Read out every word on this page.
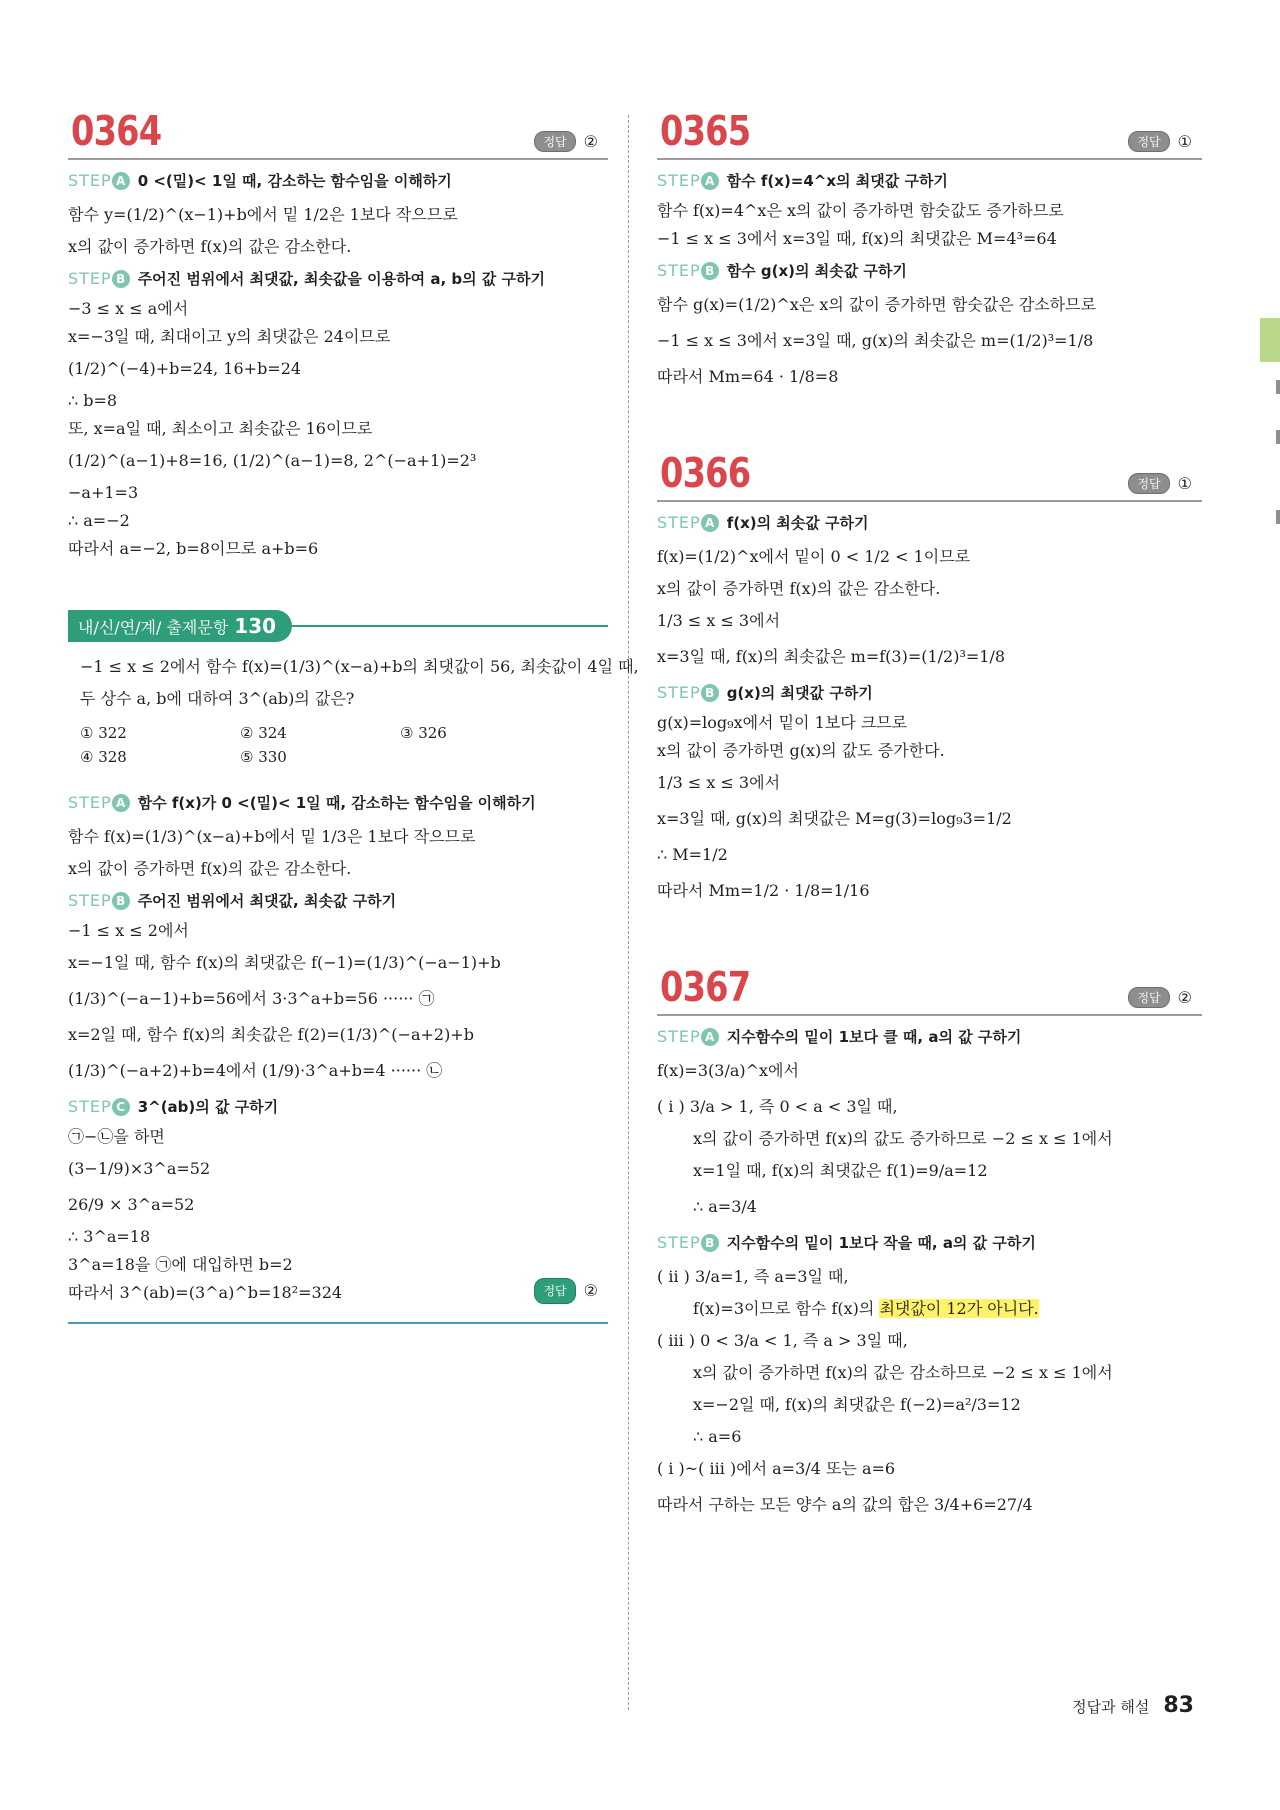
0364	정답	②
STEP A 0 <(밑)< 1일 때, 감소하는 함수임을 이해하기
함수 y=(1/2)^(x−1)+b에서 밑 1/2은 1보다 작으므로
x의 값이 증가하면 f(x)의 값은 감소한다.
STEP B 주어진 범위에서 최댓값, 최솟값을 이용하여 a, b의 값 구하기
−3 ≤ x ≤ a에서
x=−3일 때, 최대이고 y의 최댓값은 24이므로
(1/2)^(−4)+b=24, 16+b=24
∴ b=8
또, x=a일 때, 최소이고 최솟값은 16이므로
(1/2)^(a−1)+8=16, (1/2)^(a−1)=8, 2^(−a+1)=2³
−a+1=3
∴ a=−2
따라서 a=−2, b=8이므로 a+b=6
내/신/연/계/ 출제문항 130
−1 ≤ x ≤ 2에서 함수 f(x)=(1/3)^(x−a)+b의 최댓값이 56, 최솟값이 4일 때,
두 상수 a, b에 대하여 3^(ab)의 값은?
① 322	② 324	③ 326
④ 328	⑤ 330
STEP A 함수 f(x)가 0 <(밑)< 1일 때, 감소하는 함수임을 이해하기
함수 f(x)=(1/3)^(x−a)+b에서 밑 1/3은 1보다 작으므로
x의 값이 증가하면 f(x)의 값은 감소한다.
STEP B 주어진 범위에서 최댓값, 최솟값 구하기
−1 ≤ x ≤ 2에서
x=−1일 때, 함수 f(x)의 최댓값은 f(−1)=(1/3)^(−a−1)+b
(1/3)^(−a−1)+b=56에서 3·3^a+b=56 ······ ㉠
x=2일 때, 함수 f(x)의 최솟값은 f(2)=(1/3)^(−a+2)+b
(1/3)^(−a+2)+b=4에서 (1/9)·3^a+b=4 ······ ㉡
STEP C 3^(ab)의 값 구하기
㉠−㉡을 하면
(3−1/9)×3^a=52
26/9 × 3^a=52
∴ 3^a=18
3^a=18을 ㉠에 대입하면 b=2
따라서 3^(ab)=(3^a)^b=18²=324	정답	②
0365	정답	①
STEP A 함수 f(x)=4^x의 최댓값 구하기
함수 f(x)=4^x은 x의 값이 증가하면 함숫값도 증가하므로
−1 ≤ x ≤ 3에서 x=3일 때, f(x)의 최댓값은 M=4³=64
STEP B 함수 g(x)의 최솟값 구하기
함수 g(x)=(1/2)^x은 x의 값이 증가하면 함숫값은 감소하므로
−1 ≤ x ≤ 3에서 x=3일 때, g(x)의 최솟값은 m=(1/2)³=1/8
따라서 Mm=64 · 1/8=8
0366	정답	①
STEP A f(x)의 최솟값 구하기
f(x)=(1/2)^x에서 밑이 0 < 1/2 < 1이므로
x의 값이 증가하면 f(x)의 값은 감소한다.
1/3 ≤ x ≤ 3에서
x=3일 때, f(x)의 최솟값은 m=f(3)=(1/2)³=1/8
STEP B g(x)의 최댓값 구하기
g(x)=log₉x에서 밑이 1보다 크므로
x의 값이 증가하면 g(x)의 값도 증가한다.
1/3 ≤ x ≤ 3에서
x=3일 때, g(x)의 최댓값은 M=g(3)=log₉3=1/2
∴ M=1/2
따라서 Mm=1/2 · 1/8=1/16
0367	정답	②
STEP A 지수함수의 밑이 1보다 클 때, a의 값 구하기
f(x)=3(3/a)^x에서
( i ) 3/a > 1, 즉 0 < a < 3일 때,
x의 값이 증가하면 f(x)의 값도 증가하므로 −2 ≤ x ≤ 1에서
x=1일 때, f(x)의 최댓값은 f(1)=9/a=12
∴ a=3/4
STEP B 지수함수의 밑이 1보다 작을 때, a의 값 구하기
( ii ) 3/a=1, 즉 a=3일 때,
f(x)=3이므로 함수 f(x)의 최댓값이 12가 아니다.
( iii ) 0 < 3/a < 1, 즉 a > 3일 때,
x의 값이 증가하면 f(x)의 값은 감소하므로 −2 ≤ x ≤ 1에서
x=−2일 때, f(x)의 최댓값은 f(−2)=a²/3=12
∴ a=6
( i )~( iii )에서 a=3/4 또는 a=6
따라서 구하는 모든 양수 a의 값의 합은 3/4+6=27/4
정답과 해설 83
